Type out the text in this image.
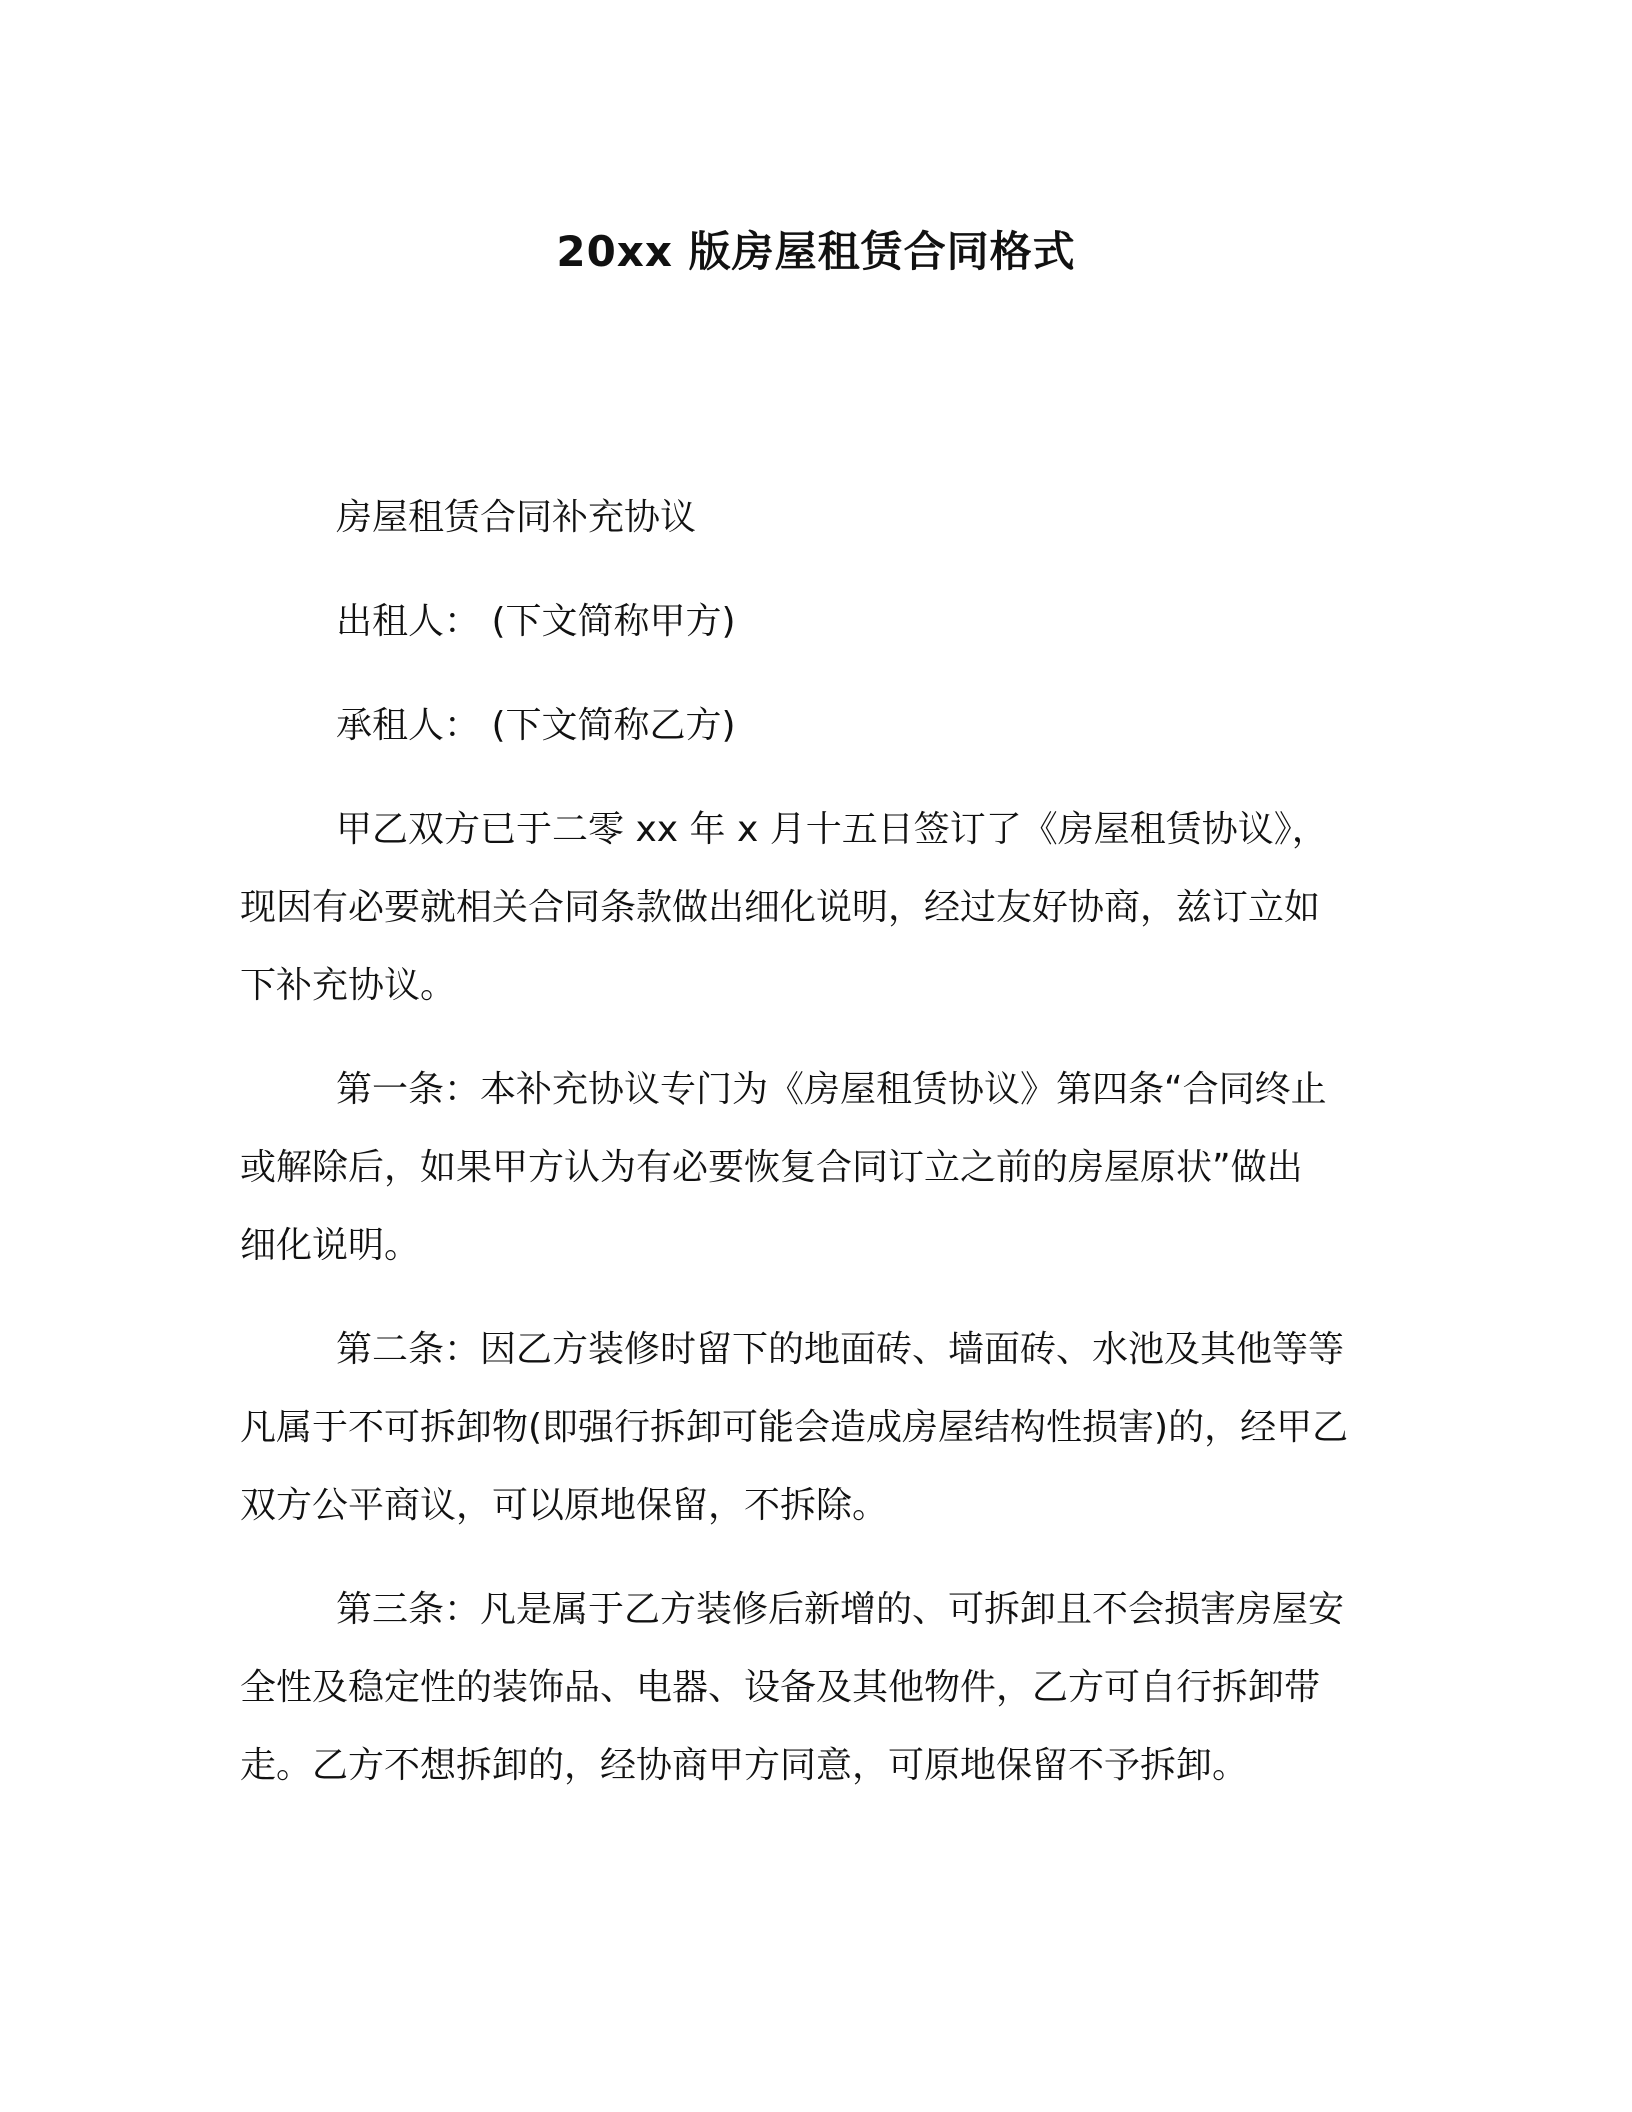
20xx 版房屋租赁合同格式
房屋租赁合同补充协议
出租人： (下文简称甲方)
承租人： (下文简称乙方)
甲乙双方已于二零 xx 年 x 月十五日签订了《房屋租赁协议》，
现因有必要就相关合同条款做出细化说明，经过友好协商，兹订立如
下补充协议。
第一条：本补充协议专门为《房屋租赁协议》第四条“合同终止
或解除后，如果甲方认为有必要恢复合同订立之前的房屋原状”做出
细化说明。
第二条：因乙方装修时留下的地面砖、墙面砖、水池及其他等等
凡属于不可拆卸物(即强行拆卸可能会造成房屋结构性损害)的，经甲乙
双方公平商议，可以原地保留，不拆除。
第三条：凡是属于乙方装修后新增的、可拆卸且不会损害房屋安
全性及稳定性的装饰品、电器、设备及其他物件，乙方可自行拆卸带
走。乙方不想拆卸的，经协商甲方同意，可原地保留不予拆卸。
